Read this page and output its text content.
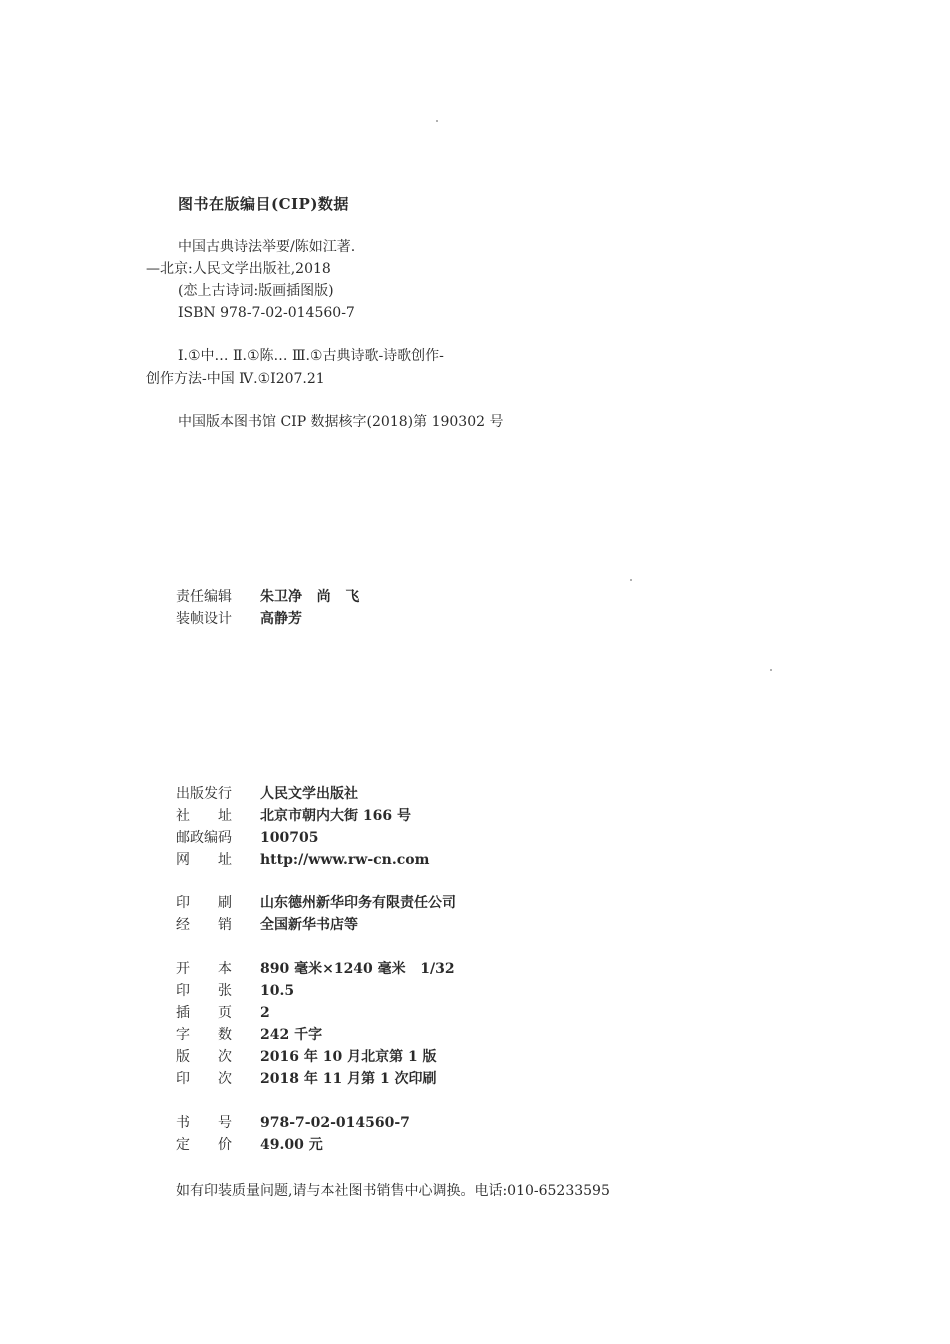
图书在版编目(CIP)数据
中国古典诗法举要/陈如江著.
—北京:人民文学出版社,2018
(恋上古诗词:版画插图版)
ISBN 978-7-02-014560-7
Ⅰ.①中… Ⅱ.①陈… Ⅲ.①古典诗歌-诗歌创作-
创作方法-中国 Ⅳ.①I207.21
中国版本图书馆 CIP 数据核字(2018)第 190302 号
责任编辑 朱卫净   尚   飞
装帧设计 高静芳
出版发行 人民文学出版社
社　　址 北京市朝内大街 166 号
邮政编码 100705
网　　址 http://www.rw-cn.com
印　　刷 山东德州新华印务有限责任公司
经　　销 全国新华书店等
开　　本 890 毫米×1240 毫米   1/32
印　　张 10.5
插　　页 2
字　　数 242 千字
版　　次 2016 年 10 月北京第 1 版
印　　次 2018 年 11 月第 1 次印刷
书　　号 978-7-02-014560-7
定　　价 49.00 元
如有印装质量问题,请与本社图书销售中心调换。电话:010-65233595
